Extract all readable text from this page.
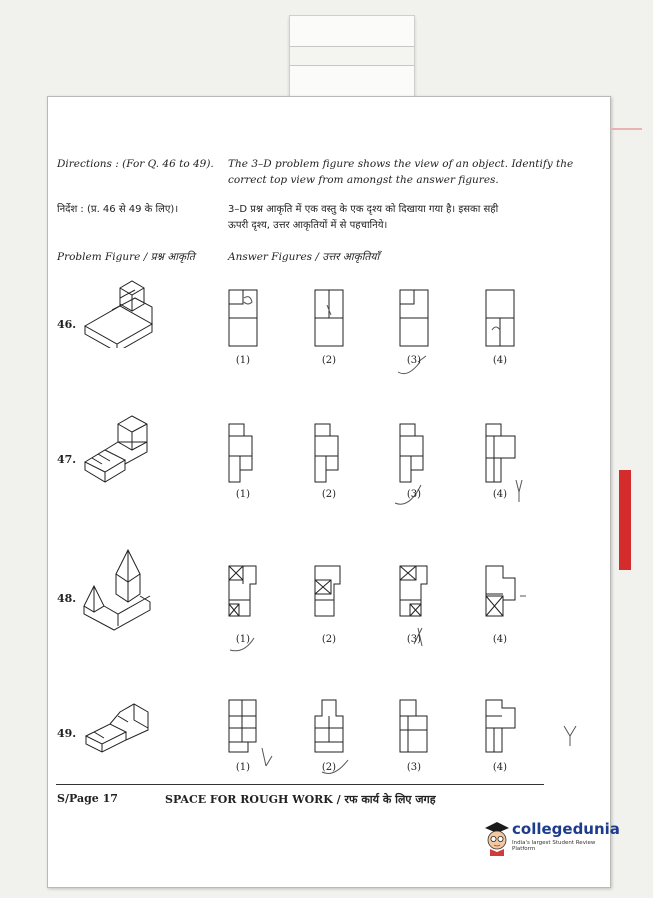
Directions : (For Q. 46 to 49). The 3–D problem figure shows the view of an object. Identify the
correct top view from amongst the answer figures.
निर्देश : (प्र. 46 से 49 के लिए)।	3–D प्रश्न आकृति में एक वस्तु के एक दृश्य को दिखाया गया है। इसका सही
ऊपरी दृश्य, उत्तर आकृतियों में से पहचानिये।
Problem Figure / प्रश्न आकृति	Answer Figures / उत्तर आकृतियाँ
46.
47.
48.
49.
(1)	(2)	(3)	(4)
(1)	(2)	(3)	(4)
(1)	(2)	(3)	(4)
(1)	(2)	(3)	(4)
S/Page 17	SPACE FOR ROUGH WORK / रफ कार्य के लिए जगह
collegedunia
India's largest Student Review Platform
